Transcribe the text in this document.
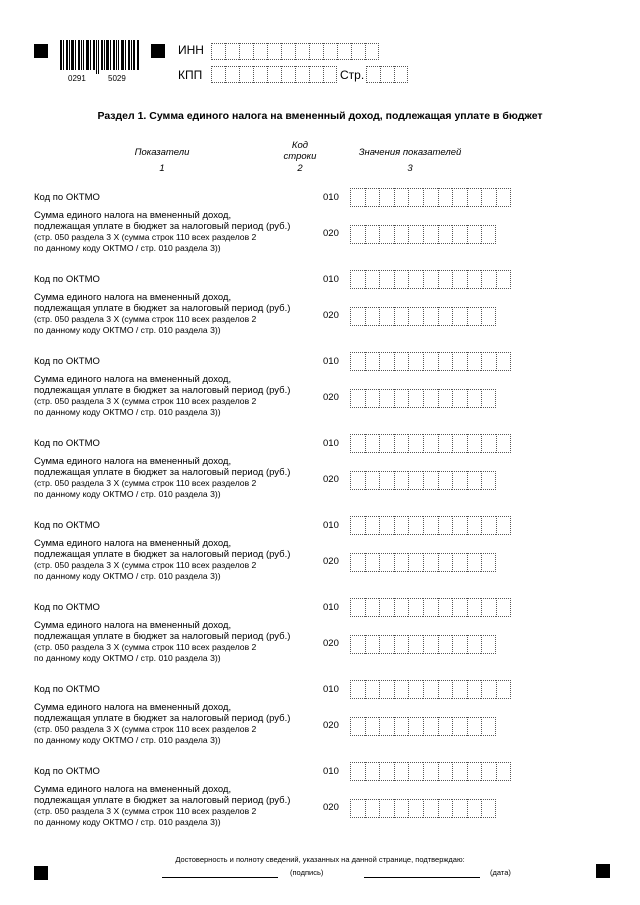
0291	5029
ИНН
КПП	Стр.
Раздел 1. Сумма единого налога на вмененный доход, подлежащая уплате в бюджет
Показатели
Код
строки	Значения показателей
1	2	3
Код по ОКТМО	010
Сумма единого налога на вмененный доход,
подлежащая уплате в бюджет за налоговый период (руб.)
(стр. 050 раздела 3 Х (сумма строк 110 всех разделов 2
по данному коду ОКТМО / стр. 010 раздела 3))
020
Код по ОКТМО	010
Сумма единого налога на вмененный доход,
подлежащая уплате в бюджет за налоговый период (руб.)
(стр. 050 раздела 3 Х (сумма строк 110 всех разделов 2
по данному коду ОКТМО / стр. 010 раздела 3))
020
Код по ОКТМО	010
Сумма единого налога на вмененный доход,
подлежащая уплате в бюджет за налоговый период (руб.)
(стр. 050 раздела 3 Х (сумма строк 110 всех разделов 2
по данному коду ОКТМО / стр. 010 раздела 3))
020
Код по ОКТМО	010
Сумма единого налога на вмененный доход,
подлежащая уплате в бюджет за налоговый период (руб.)
(стр. 050 раздела 3 Х (сумма строк 110 всех разделов 2
по данному коду ОКТМО / стр. 010 раздела 3))
020
Код по ОКТМО	010
Сумма единого налога на вмененный доход,
подлежащая уплате в бюджет за налоговый период (руб.)
(стр. 050 раздела 3 Х (сумма строк 110 всех разделов 2
по данному коду ОКТМО / стр. 010 раздела 3))
020
Код по ОКТМО	010
Сумма единого налога на вмененный доход,
подлежащая уплате в бюджет за налоговый период (руб.)
(стр. 050 раздела 3 Х (сумма строк 110 всех разделов 2
по данному коду ОКТМО / стр. 010 раздела 3))
020
Код по ОКТМО	010
Сумма единого налога на вмененный доход,
подлежащая уплате в бюджет за налоговый период (руб.)
(стр. 050 раздела 3 Х (сумма строк 110 всех разделов 2
по данному коду ОКТМО / стр. 010 раздела 3))
020
Код по ОКТМО	010
Сумма единого налога на вмененный доход,
подлежащая уплате в бюджет за налоговый период (руб.)
(стр. 050 раздела 3 Х (сумма строк 110 всех разделов 2
по данному коду ОКТМО / стр. 010 раздела 3))
020
Достоверность и полноту сведений, указанных на данной странице, подтверждаю:
(подпись)	(дата)
